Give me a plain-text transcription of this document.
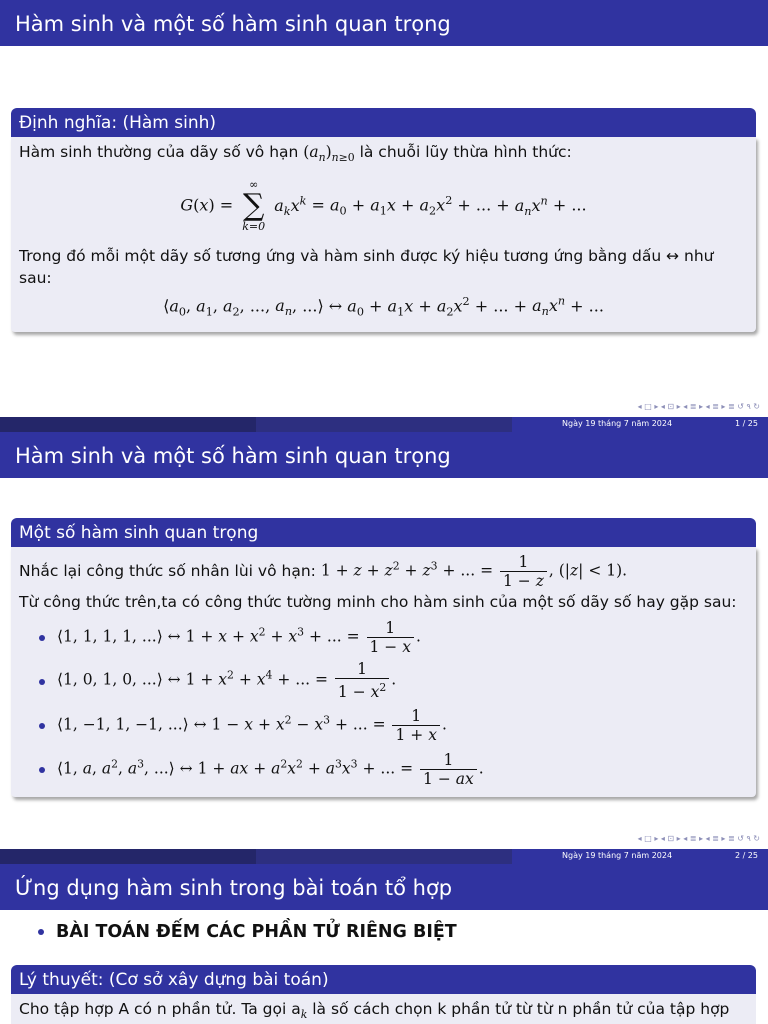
Hàm sinh và một số hàm sinh quan trọng
Định nghĩa: (Hàm sinh)
Hàm sinh thường của dãy số vô hạn $(a_n)_{n\ge 0}$ là chuỗi lũy thừa hình thức:
G(x) =
∞
∑
k=0
$a_kx^k = a_0 + a_1x + a_2x^2$ + ... + $a_nx^n$ + ...
Trong đó mỗi một dãy số tương ứng và hàm sinh được ký hiệu tương ứng bằng dấu ↔ như sau:
$⟨a_0$, $a_1$, $a_2$, ..., $a_n$, ...⟩ ↔ $a_0 + a_1x + a_2x^2$ + ... + $a_nx^n$ + ...
◂ □ ▸ ◂ ⊡ ▸ ◂ ≣ ▸ ◂ ≣ ▸ ≣ ↺ ۹ ↻
Ngày 19 tháng 7 năm 2024	1 / 25
Hàm sinh và một số hàm sinh quan trọng
Một số hàm sinh quan trọng
Nhắc lại công thức số nhân lùi vô hạn:
$1 + z + z^2 + z^3$ + ... = $\frac{1}{1 - z}$ , (|z| < 1).
Từ công thức trên,ta có công thức tường minh cho hàm sinh của một số dãy số hay gặp sau:
⟨1, 1, 1, 1, ...⟩ ↔ $1 + x + x^2 + x^3$ + ... = $\frac{1}{1 - x}$ .
⟨1, 0, 1, 0, ...⟩ ↔ $1 + x^2 + x^4$ + ... = $\frac{1}{1 - x^2}$ .
⟨1, −1, 1, −1, ...⟩ ↔ $1 - x + x^2 - x^3$ + ... = $\frac{1}{1 + x}$ .
⟨1, a, $a^2$, $a^3$, ...⟩ ↔ 1 + ax + $a^2x^2 + a^3x^3$ + ... = $\frac{1}{1 - ax}$ .
◂ □ ▸ ◂ ⊡ ▸ ◂ ≣ ▸ ◂ ≣ ▸ ≣ ↺ ۹ ↻
Ngày 19 tháng 7 năm 2024	2 / 25
Ứng dụng hàm sinh trong bài toán tổ hợp
BÀI TOÁN ĐẾM CÁC PHẦN TỬ RIÊNG BIỆT
Lý thuyết: (Cơ sở xây dựng bài toán)
Cho tập hợp A có n phần tử. Ta gọi $a_k$ là số cách chọn k phần tử từ từ n phần tử của tập hợp
